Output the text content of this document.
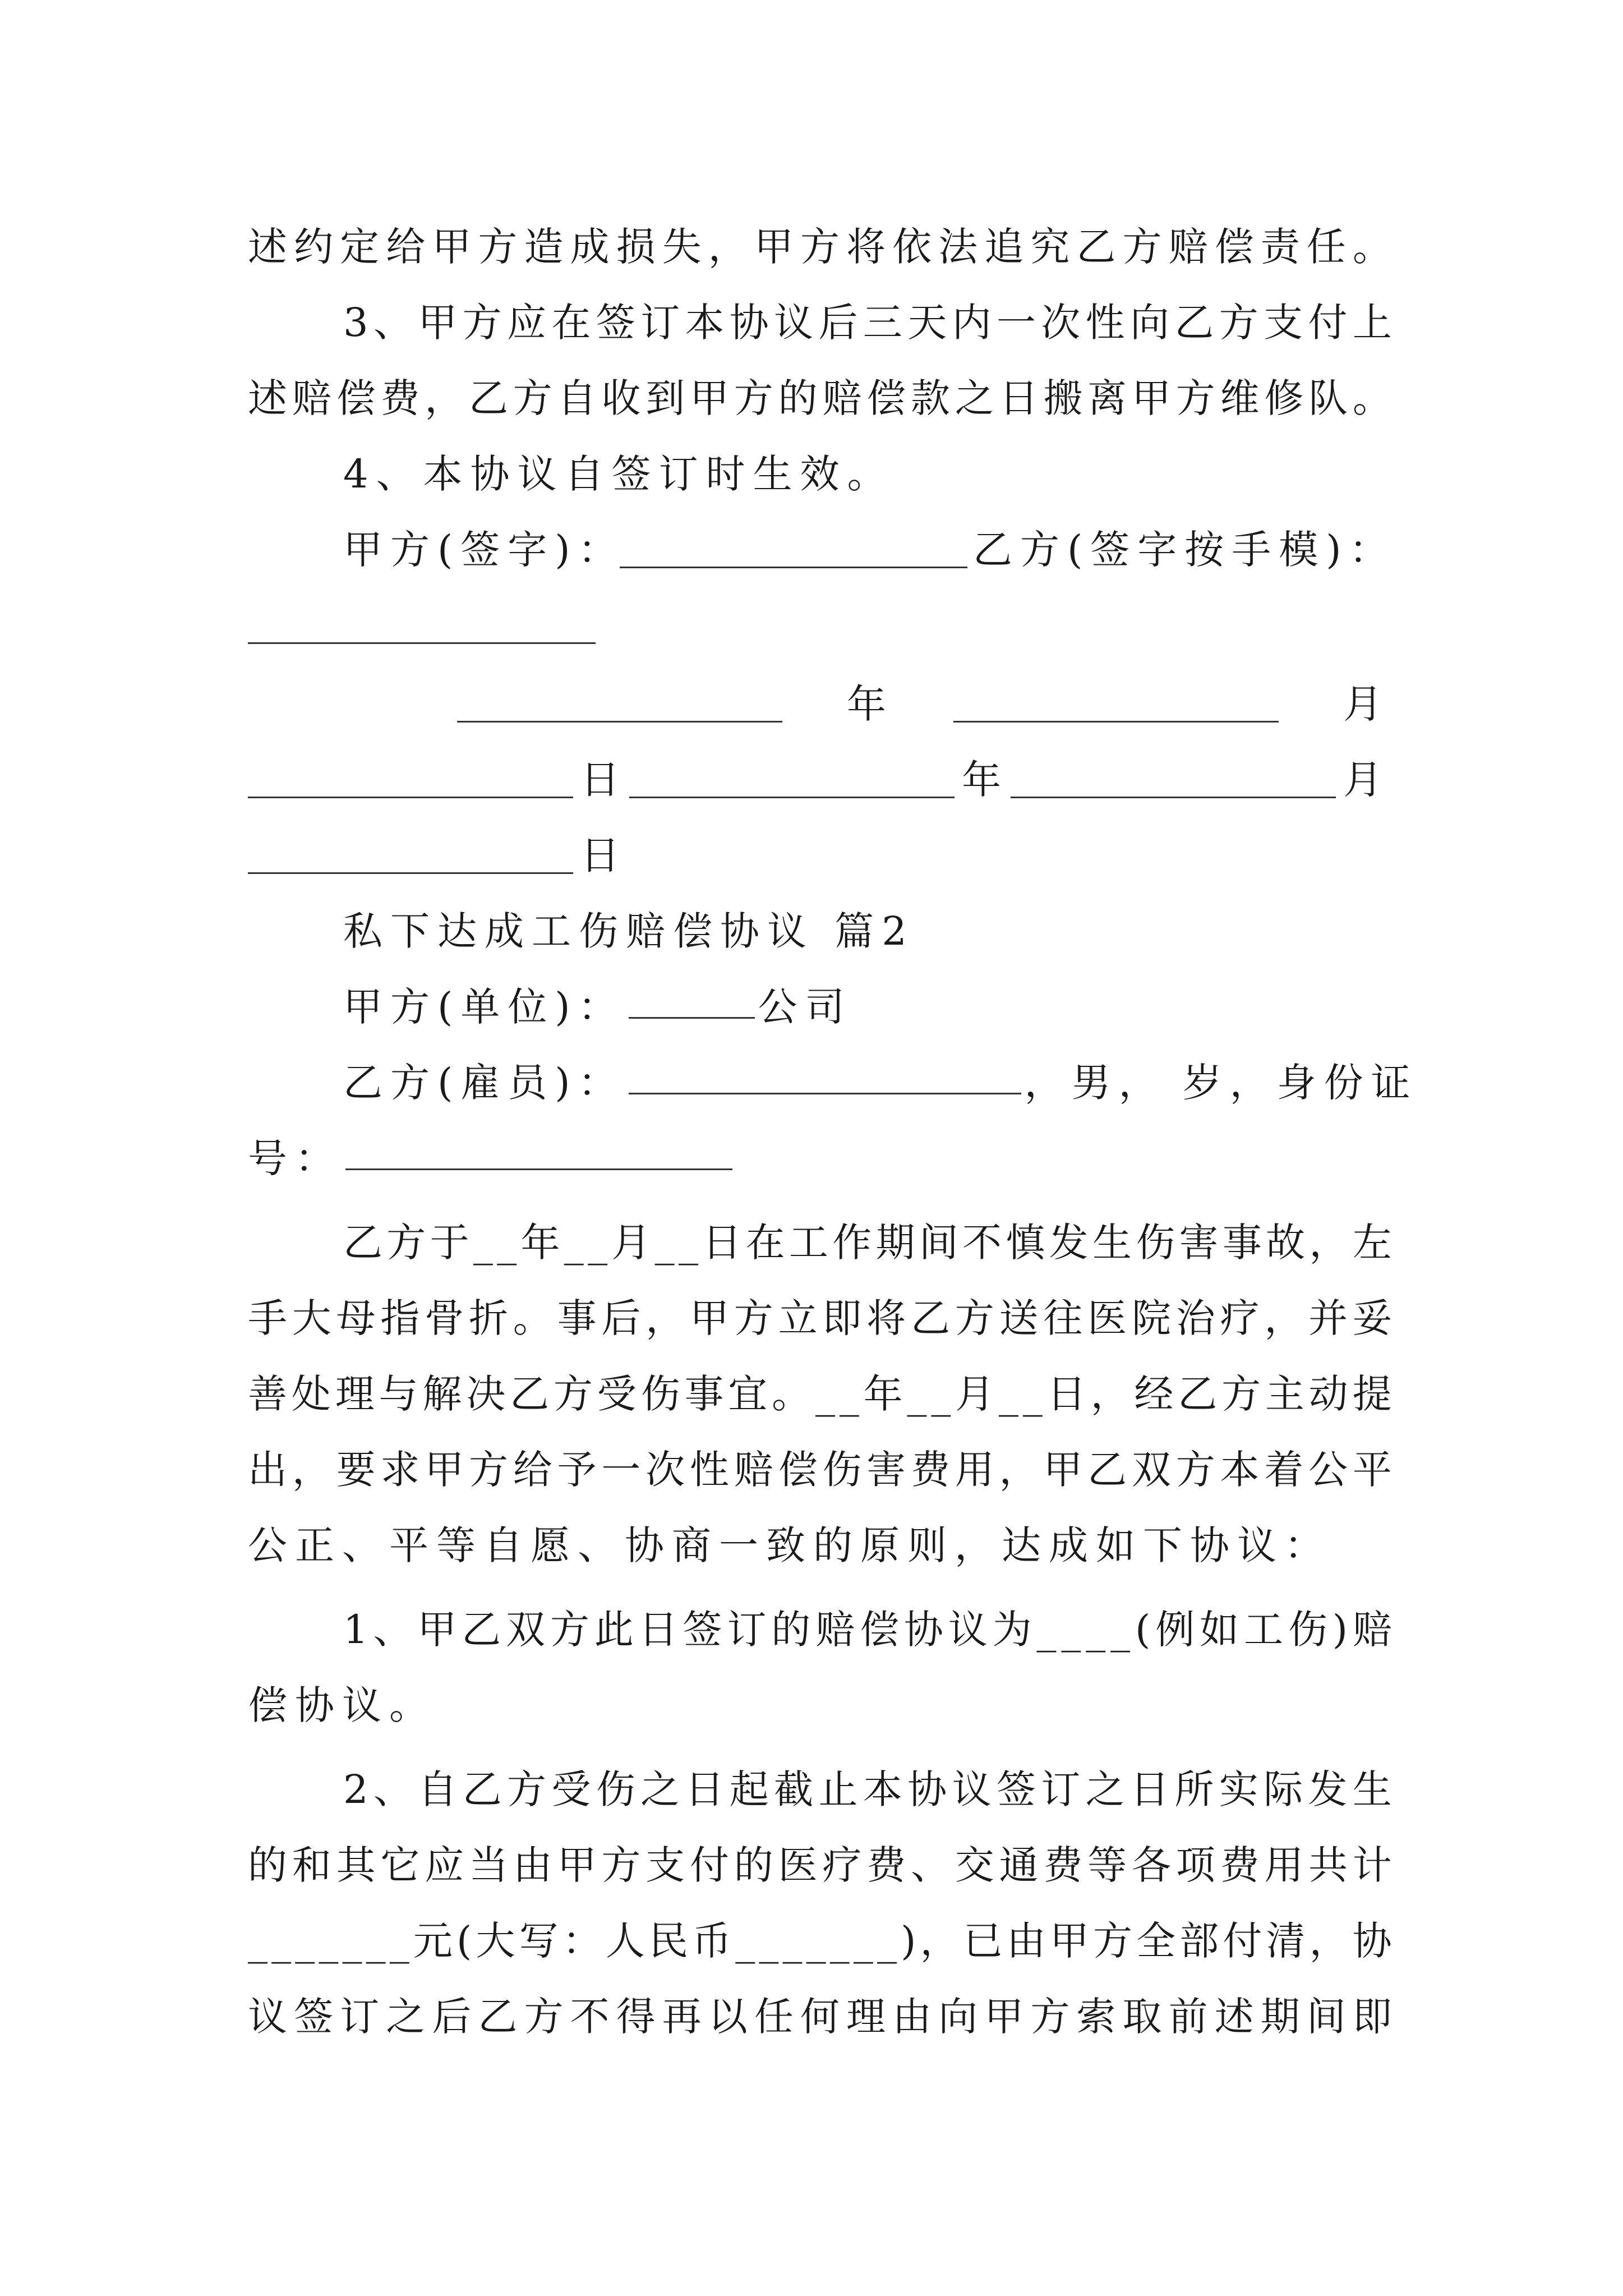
述 约 定 给 甲 方 造 成 损 失 ， 甲 方 将 依 法 追 究 乙 方 赔 偿 责 任 。
3 、 甲 方 应 在 签 订 本 协 议 后 三 天 内 一 次 性 向 乙 方 支 付 上
述 赔 偿 费 ， 乙 方 自 收 到 甲 方 的 赔 偿 款 之 日 搬 离 甲 方 维 修 队 。
4、本协议自签订时生效。
甲方(签字)：	乙方(签字按手模)：
年	月
日	年	月
日
私下达成工伤赔偿协议 篇2
甲方(单位)：	公司
乙方(雇员)：	，男， 岁，身份证
号：
乙 方 于 _ _ 年 _ _ 月 _ _ 日 在 工 作 期 间 不 慎 发 生 伤 害 事 故 ， 左
手 大 母 指 骨 折 。 事 后 ， 甲 方 立 即 将 乙 方 送 往 医 院 治 疗 ， 并 妥
善 处 理 与 解 决 乙 方 受 伤 事 宜 。 _ _ 年 _ _ 月 _ _ 日 ， 经 乙 方 主 动 提
出 ， 要 求 甲 方 给 予 一 次 性 赔 偿 伤 害 费 用 ， 甲 乙 双 方 本 着 公 平
公正、平等自愿、协商一致的原则，达成如下协议：
1 、 甲 乙 双 方 此 日 签 订 的 赔 偿 协 议 为 _ _ _ _ ( 例 如 工 伤 ) 赔
偿协议。
2 、 自 乙 方 受 伤 之 日 起 截 止 本 协 议 签 订 之 日 所 实 际 发 生
的 和 其 它 应 当 由 甲 方 支 付 的 医 疗 费 、 交 通 费 等 各 项 费 用 共 计
_ _ _ _ _ _ _ 元 ( 大 写 ： 人 民 币 _ _ _ _ _ _ _ ) ， 已 由 甲 方 全 部 付 清 ， 协
议 签 订 之 后 乙 方 不 得 再 以 任 何 理 由 向 甲 方 索 取 前 述 期 间 即
